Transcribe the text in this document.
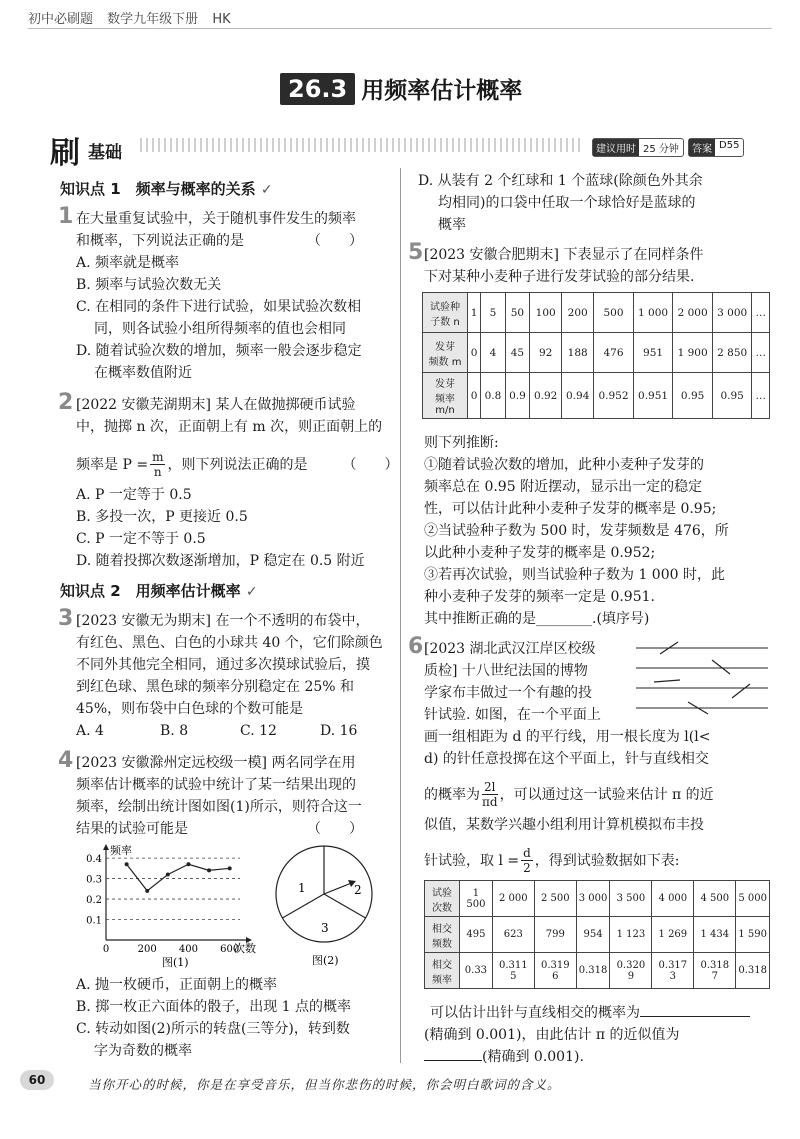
初中必刷题 数学九年级下册 HK
26.3 用频率估计概率
刷 基础	建议用时 25 分钟	答案 D55
知识点 1　频率与概率的关系 ✓
1 在大量重复试验中，关于随机事件发生的频率
和概率，下列说法正确的是　　　　　（　　）
A. 频率就是概率
B. 频率与试验次数无关
C. 在相同的条件下进行试验，如果试验次数相
同，则各试验小组所得频率的值也会相同
D. 随着试验次数的增加，频率一般会逐步稳定
在概率数值附近
2 [2022 安徽芜湖期末] 某人在做抛掷硬币试验
中，抛掷 n 次，正面朝上有 m 次，则正面朝上的
频率是 $P = \frac{m}{n}$ ，则下列说法正确的是　　　（　　）
A. P 一定等于 0.5
B. 多投一次，P 更接近 0.5
C. P 一定不等于 0.5
D. 随着投掷次数逐渐增加，P 稳定在 0.5 附近
知识点 2　用频率估计概率 ✓
3 [2023 安徽无为期末] 在一个不透明的布袋中，
有红色、黑色、白色的小球共 40 个，它们除颜色
不同外其他完全相同，通过多次摸球试验后，摸
到红色球、黑色球的频率分别稳定在 25% 和
45%，则布袋中白色球的个数可能是
A. 4	B. 8	C. 12	D. 16
4 [2023 安徽滁州定远校级一模] 两名同学在用
频率估计概率的试验中统计了某一结果出现的
频率，绘制出统计图如图(1)所示，则符合这一
结果的试验可能是　　　　　　　　　（　　）
频率
次数
图(1)
0.1
0.2
0.3
0.4
0	200 400 600
1	2
3
图(2)
A. 抛一枚硬币，正面朝上的概率
B. 掷一枚正六面体的骰子，出现 1 点的概率
C. 转动如图(2)所示的转盘(三等分)，转到数
字为奇数的概率
D. 从装有 2 个红球和 1 个蓝球(除颜色外其余
均相同)的口袋中任取一个球恰好是蓝球的
概率
5 [2023 安徽合肥期末] 下表显示了在同样条件
下对某种小麦种子进行发芽试验的部分结果.
试验种
子数 n	1	5	50	100	200	500	1 000	2 000	3 000	…
发芽
频数 m	0	4	45	92	188	476	951	1 900	2 850	…
发芽
频率 m/n	0	0.8	0.9	0.92	0.94	0.952	0.951	0.95	0.95	…
则下列推断:
①随着试验次数的增加，此种小麦种子发芽的
频率总在 0.95 附近摆动，显示出一定的稳定
性，可以估计此种小麦种子发芽的概率是 0.95;
②当试验种子数为 500 时，发芽频数是 476，所
以此种小麦种子发芽的概率是 0.952;
③若再次试验，则当试验种子数为 1 000 时，此
种小麦种子发芽的频率一定是 0.951.
其中推断正确的是________.(填序号)
6 [2023 湖北武汉江岸区校级
质检] 十八世纪法国的博物
学家布丰做过一个有趣的投
针试验. 如图，在一个平面上
画一组相距为 d 的平行线，用一根长度为 l(l<
d) 的针任意投掷在这个平面上，针与直线相交
的概率为 $\frac{2l}{\pi d}$ ，可以通过这一试验来估计 π 的近
似值，某数学兴趣小组利用计算机模拟布丰投
针试验，取 $l = \frac{d}{2}$ ，得到试验数据如下表:
试验
次数	1 500	2 000	2 500	3 000	3 500	4 000	4 500	5 000
相交
频数	495	623	799	954	1 123	1 269	1 434	1 590
相交
频率	0.33	0.311 5	0.319 6	0.318	0.320 9	0.317 3	0.318 7	0.318
可以估计出针与直线相交的概率为
(精确到 0.001)，由此估计 π 的近似值为
(精确到 0.001).
60	当你开心的时候，你是在享受音乐，但当你悲伤的时候，你会明白歌词的含义。
